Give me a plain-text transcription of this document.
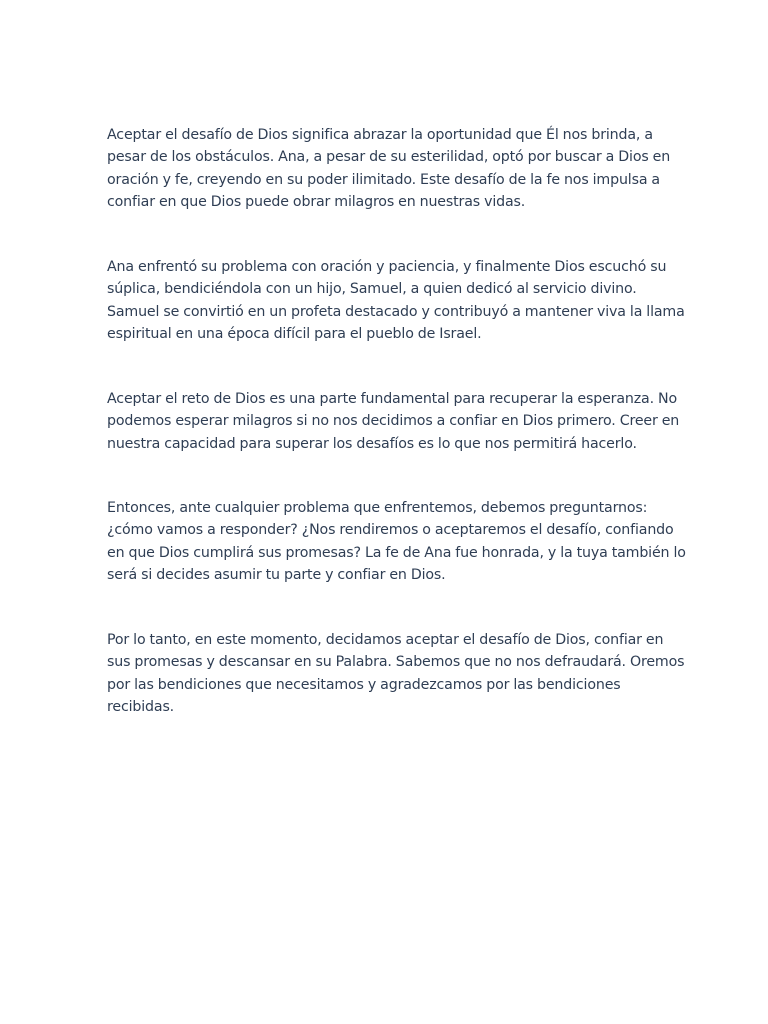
Aceptar el desafío de Dios significa abrazar la oportunidad que Él nos brinda, a
pesar de los obstáculos. Ana, a pesar de su esterilidad, optó por buscar a Dios en
oración y fe, creyendo en su poder ilimitado. Este desafío de la fe nos impulsa a
confiar en que Dios puede obrar milagros en nuestras vidas.

Ana enfrentó su problema con oración y paciencia, y finalmente Dios escuchó su
súplica, bendiciéndola con un hijo, Samuel, a quien dedicó al servicio divino.
Samuel se convirtió en un profeta destacado y contribuyó a mantener viva la llama
espiritual en una época difícil para el pueblo de Israel.

Aceptar el reto de Dios es una parte fundamental para recuperar la esperanza. No
podemos esperar milagros si no nos decidimos a confiar en Dios primero. Creer en
nuestra capacidad para superar los desafíos es lo que nos permitirá hacerlo.

Entonces, ante cualquier problema que enfrentemos, debemos preguntarnos:
¿cómo vamos a responder? ¿Nos rendiremos o aceptaremos el desafío, confiando
en que Dios cumplirá sus promesas? La fe de Ana fue honrada, y la tuya también lo
será si decides asumir tu parte y confiar en Dios.

Por lo tanto, en este momento, decidamos aceptar el desafío de Dios, confiar en
sus promesas y descansar en su Palabra. Sabemos que no nos defraudará. Oremos
por las bendiciones que necesitamos y agradezcamos por las bendiciones
recibidas.
